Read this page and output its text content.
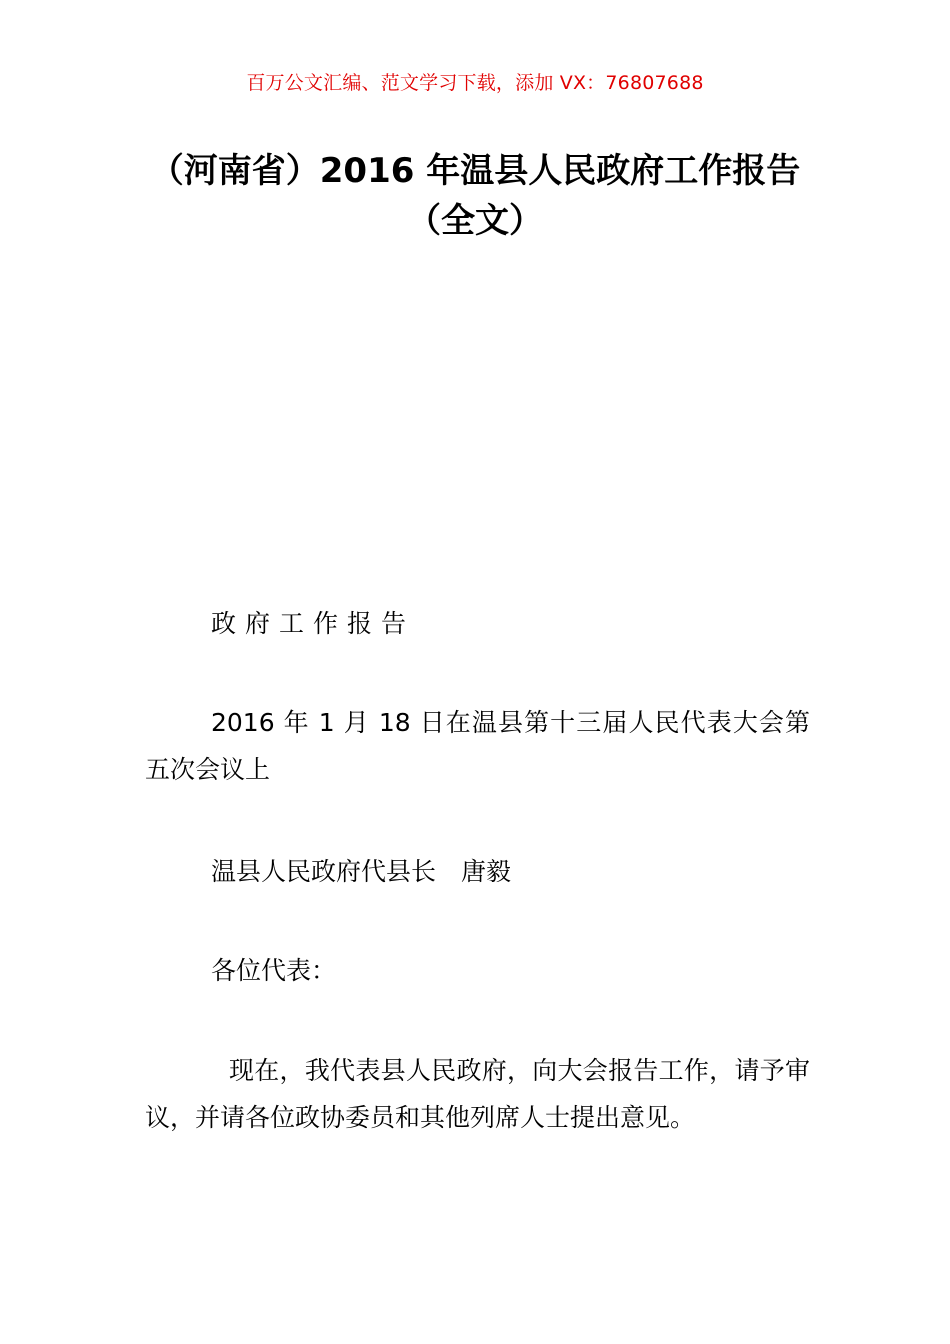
百万公文汇编、范文学习下载，添加 VX：76807688
（河南省）2016 年温县人民政府工作报告
（全文）

政府工作报告

2016 年 1 月 18 日在温县第十三届人民代表大会第五次会议上

温县人民政府代县长　唐毅

各位代表：

现在，我代表县人民政府，向大会报告工作，请予审议，并请各位政协委员和其他列席人士提出意见。
